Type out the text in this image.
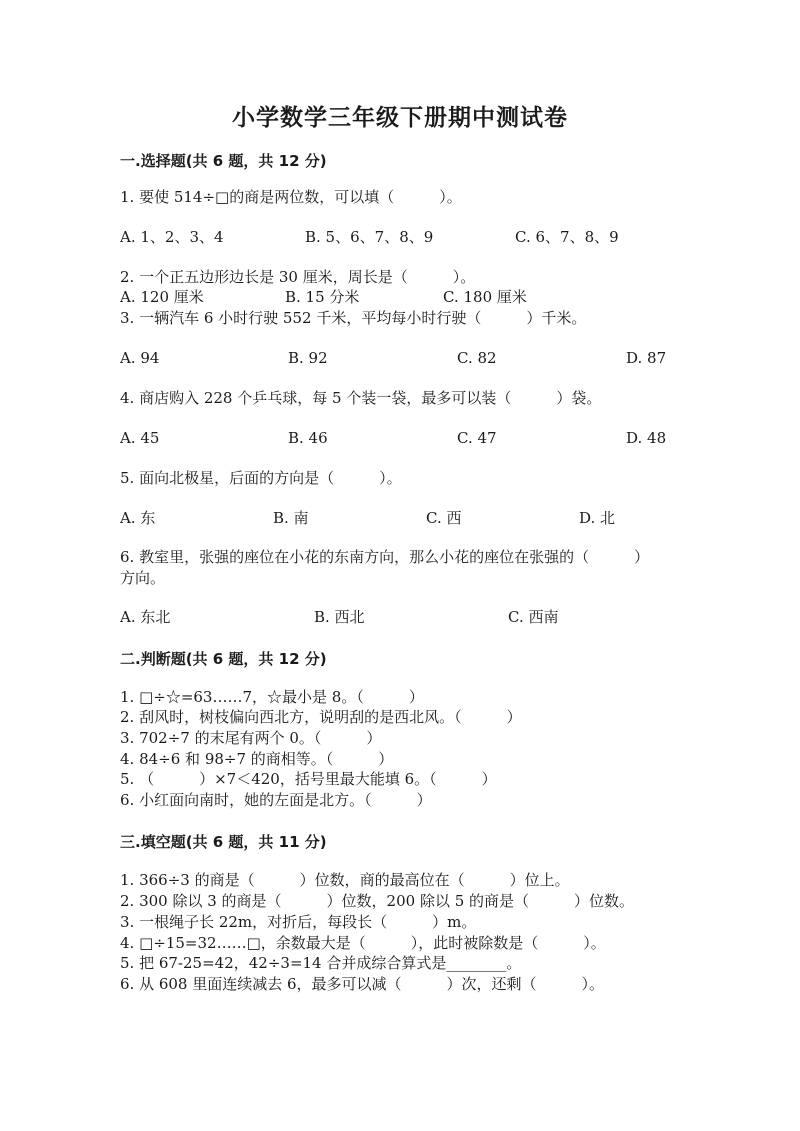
小学数学三年级下册期中测试卷
一.选择题(共 6 题，共 12 分)
1. 要使 514÷□的商是两位数，可以填（　　　）。
A. 1、2、3、4	B. 5、6、7、8、9	C. 6、7、8、9
2. 一个正五边形边长是 30 厘米，周长是（　　　）。
A. 120 厘米	B. 15 分米	C. 180 厘米
3. 一辆汽车 6 小时行驶 552 千米，平均每小时行驶（　　　）千米。
A. 94	B. 92	C. 82	D. 87
4. 商店购入 228 个乒乓球，每 5 个装一袋，最多可以装（　　　）袋。
A. 45	B. 46	C. 47	D. 48
5. 面向北极星，后面的方向是（　　　）。
A. 东	B. 南	C. 西	D. 北
6. 教室里，张强的座位在小花的东南方向，那么小花的座位在张强的（　　　）
方向。
A. 东北	B. 西北	C. 西南
二.判断题(共 6 题，共 12 分)
1. □÷☆=63……7，☆最小是 8。（　　　）
2. 刮风时，树枝偏向西北方，说明刮的是西北风。（　　　）
3. 702÷7 的末尾有两个 0。（　　　）
4. 84÷6 和 98÷7 的商相等。（　　　）
5. （　　　）×7＜420，括号里最大能填 6。（　　　）
6. 小红面向南时，她的左面是北方。（　　　）
三.填空题(共 6 题，共 11 分)
1. 366÷3 的商是（　　　）位数，商的最高位在（　　　）位上。
2. 300 除以 3 的商是（　　　）位数，200 除以 5 的商是（　　　）位数。
3. 一根绳子长 22m，对折后，每段长（　　　）m。
4. □÷15=32……□，余数最大是（　　　），此时被除数是（　　　）。
5. 把 67-25=42，42÷3=14 合并成综合算式是________。
6. 从 608 里面连续减去 6，最多可以减（　　　）次，还剩（　　　）。
